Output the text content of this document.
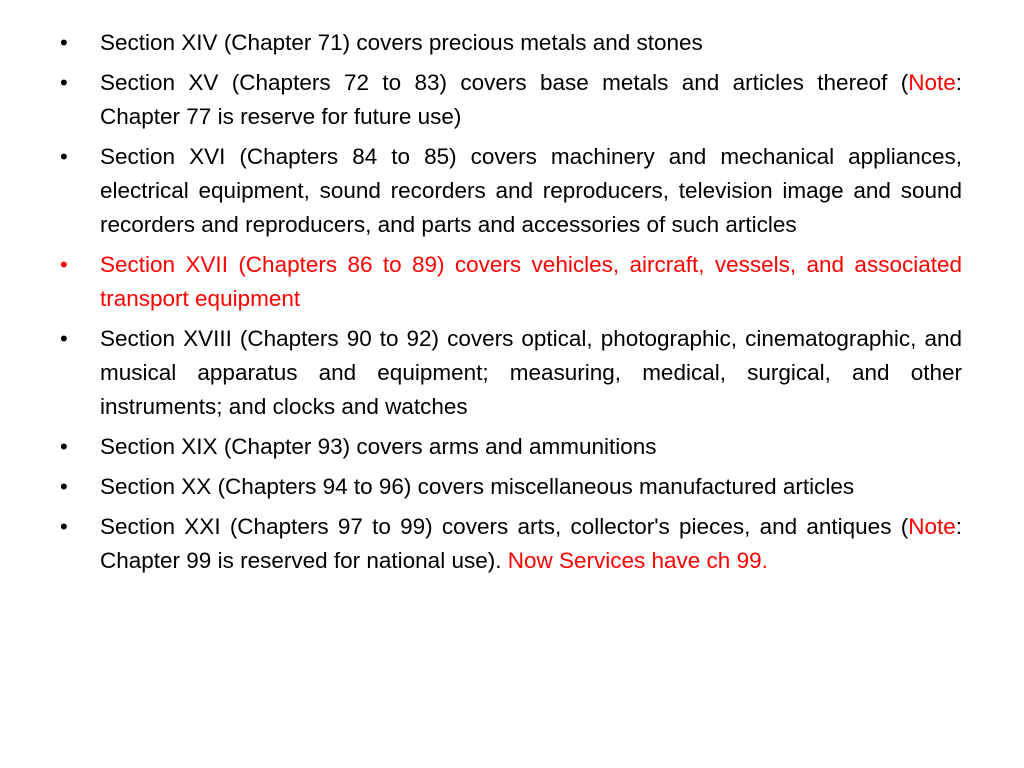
•	Section XIV (Chapter 71) covers precious metals and stones
•	Section XV (Chapters 72 to 83) covers base metals and articles thereof (Note: Chapter 77 is reserve for future use)
•	Section XVI (Chapters 84 to 85) covers machinery and mechanical appliances, electrical equipment, sound recorders and reproducers, television image and sound recorders and reproducers, and parts and accessories of such articles
•	Section XVII (Chapters 86 to 89) covers vehicles, aircraft, vessels, and associated transport equipment
•	Section XVIII (Chapters 90 to 92) covers optical, photographic, cinematographic, and musical apparatus and equipment; measuring, medical, surgical, and other instruments; and clocks and watches
•	Section XIX (Chapter 93) covers arms and ammunitions
•	Section XX (Chapters 94 to 96) covers miscellaneous manufactured articles
•	Section XXI (Chapters 97 to 99) covers arts, collector's pieces, and antiques (Note: Chapter 99 is reserved for national use). Now Services have ch 99.
